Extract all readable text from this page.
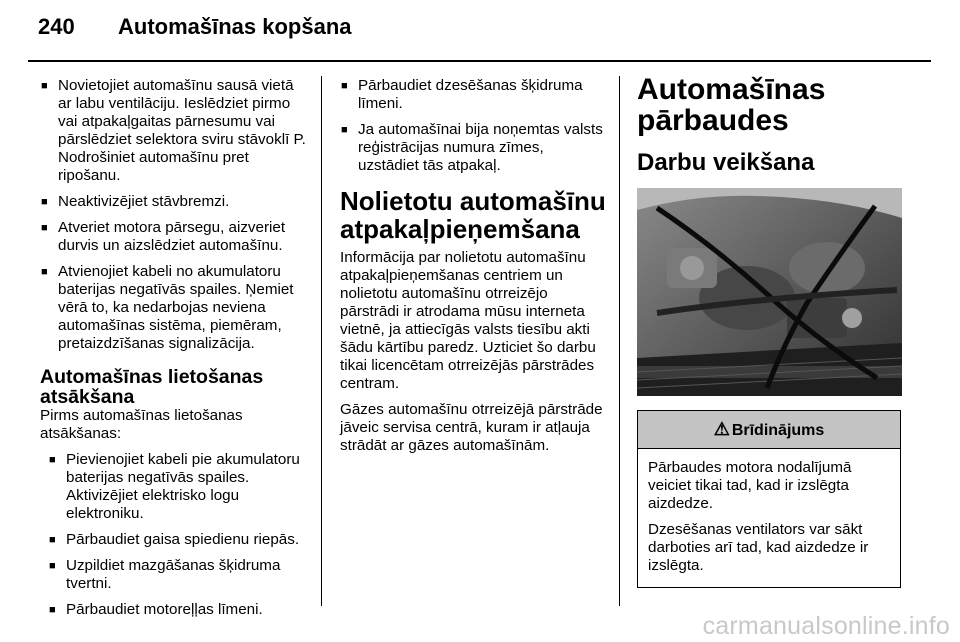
240 Automašīnas kopšana
■ Novietojiet automašīnu sausā vietā ar labu ventilāciju. Ieslēdziet pirmo vai atpakaļgaitas pārnesumu vai pārslēdziet selektora sviru stāvoklī P. Nodrošiniet automašīnu pret ripošanu.
■ Neaktivizējiet stāvbremzi.
■ Atveriet motora pārsegu, aizveriet durvis un aizslēdziet automašīnu.
■ Atvienojiet kabeli no akumulatoru baterijas negatīvās spailes. Ņemiet vērā to, ka nedarbojas neviena automašīnas sistēma, piemēram, pretaizdzīšanas signalizācija.
Automašīnas lietošanas atsākšana

Pirms automašīnas lietošanas atsākšanas:

■ Pievienojiet kabeli pie akumulatoru baterijas negatīvās spailes. Aktivizējiet elektrisko logu elektroniku.
■ Pārbaudiet gaisa spiedienu riepās.
■ Uzpildiet mazgāšanas šķidruma tvertni.
■ Pārbaudiet motoreļļas līmeni.
■ Pārbaudiet dzesēšanas šķidruma līmeni.
■ Ja automašīnai bija noņemtas valsts reģistrācijas numura zīmes, uzstādiet tās atpakaļ.
Nolietotu automašīnu atpakaļpieņemšana

Informācija par nolietotu automašīnu atpakaļpieņemšanas centriem un nolietotu automašīnu otrreizējo pārstrādi ir atrodama mūsu interneta vietnē, ja attiecīgās valsts tiesību akti šādu kārtību paredz. Uzticiet šo darbu tikai licencētam otrreizējās pārstrādes centram.

Gāzes automašīnu otrreizējā pārstrāde jāveic servisa centrā, kuram ir atļauja strādāt ar gāzes automašīnām.

Automašīnas pārbaudes
Darbu veikšana
⚠ Brīdinājums

Pārbaudes motora nodalījumā veiciet tikai tad, kad ir izslēgta aizdedze.

Dzesēšanas ventilators var sākt darboties arī tad, kad aizdedze ir izslēgta.

carmanualsonline.info
